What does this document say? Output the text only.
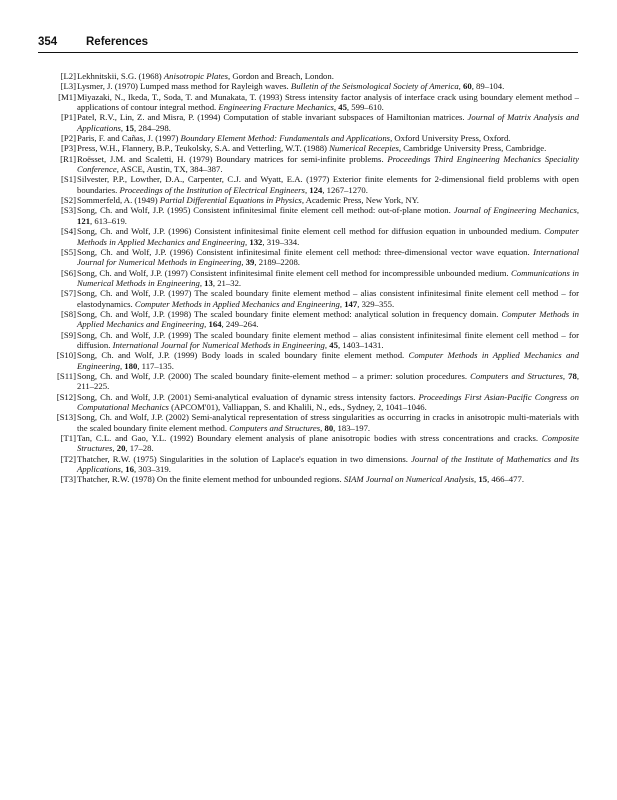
354	References
[L2] Lekhnitskii, S.G. (1968) Anisotropic Plates, Gordon and Breach, London.
[L3] Lysmer, J. (1970) Lumped mass method for Rayleigh waves. Bulletin of the Seismological Society of America, 60, 89–104.
[M1] Miyazaki, N., Ikeda, T., Soda, T. and Munakata, T. (1993) Stress intensity factor analysis of interface crack using boundary element method – applications of contour integral method. Engineering Fracture Mechanics, 45, 599–610.
[P1] Patel, R.V., Lin, Z. and Misra, P. (1994) Computation of stable invariant subspaces of Hamiltonian matrices. Journal of Matrix Analysis and Applications, 15, 284–298.
[P2] Paris, F. and Cañas, J. (1997) Boundary Element Method: Fundamentals and Applications, Oxford University Press, Oxford.
[P3] Press, W.H., Flannery, B.P., Teukolsky, S.A. and Vetterling, W.T. (1988) Numerical Recepies, Cambridge University Press, Cambridge.
[R1] Roësset, J.M. and Scaletti, H. (1979) Boundary matrices for semi-infinite problems. Proceedings Third Engineering Mechanics Speciality Conference, ASCE, Austin, TX, 384–387.
[S1] Silvester, P.P., Lowther, D.A., Carpenter, C.J. and Wyatt, E.A. (1977) Exterior finite elements for 2-dimensional field problems with open boundaries. Proceedings of the Institution of Electrical Engineers, 124, 1267–1270.
[S2] Sommerfeld, A. (1949) Partial Differential Equations in Physics, Academic Press, New York, NY.
[S3] Song, Ch. and Wolf, J.P. (1995) Consistent infinitesimal finite element cell method: out-of-plane motion. Journal of Engineering Mechanics, 121, 613–619.
[S4] Song, Ch. and Wolf, J.P. (1996) Consistent infinitesimal finite element cell method for diffusion equation in unbounded medium. Computer Methods in Applied Mechanics and Engineering, 132, 319–334.
[S5] Song, Ch. and Wolf, J.P. (1996) Consistent infinitesimal finite element cell method: three-dimensional vector wave equation. International Journal for Numerical Methods in Engineering, 39, 2189–2208.
[S6] Song, Ch. and Wolf, J.P. (1997) Consistent infinitesimal finite element cell method for incompressible unbounded medium. Communications in Numerical Methods in Engineering, 13, 21–32.
[S7] Song, Ch. and Wolf, J.P. (1997) The scaled boundary finite element method – alias consistent infinitesimal finite element cell method – for elastodynamics. Computer Methods in Applied Mechanics and Engineering, 147, 329–355.
[S8] Song, Ch. and Wolf, J.P. (1998) The scaled boundary finite element method: analytical solution in frequency domain. Computer Methods in Applied Mechanics and Engineering, 164, 249–264.
[S9] Song, Ch. and Wolf, J.P. (1999) The scaled boundary finite element method – alias consistent infinitesimal finite element cell method – for diffusion. International Journal for Numerical Methods in Engineering, 45, 1403–1431.
[S10] Song, Ch. and Wolf, J.P. (1999) Body loads in scaled boundary finite element method. Computer Methods in Applied Mechanics and Engineering, 180, 117–135.
[S11] Song, Ch. and Wolf, J.P. (2000) The scaled boundary finite-element method – a primer: solution procedures. Computers and Structures, 78, 211–225.
[S12] Song, Ch. and Wolf, J.P. (2001) Semi-analytical evaluation of dynamic stress intensity factors. Proceedings First Asian-Pacific Congress on Computational Mechanics (APCOM'01), Valliappan, S. and Khalili, N., eds., Sydney, 2, 1041–1046.
[S13] Song, Ch. and Wolf, J.P. (2002) Semi-analytical representation of stress singularities as occurring in cracks in anisotropic multi-materials with the scaled boundary finite element method. Computers and Structures, 80, 183–197.
[T1] Tan, C.L. and Gao, Y.L. (1992) Boundary element analysis of plane anisotropic bodies with stress concentrations and cracks. Composite Structures, 20, 17–28.
[T2] Thatcher, R.W. (1975) Singularities in the solution of Laplace's equation in two dimensions. Journal of the Institute of Mathematics and Its Applications, 16, 303–319.
[T3] Thatcher, R.W. (1978) On the finite element method for unbounded regions. SIAM Journal on Numerical Analysis, 15, 466–477.
